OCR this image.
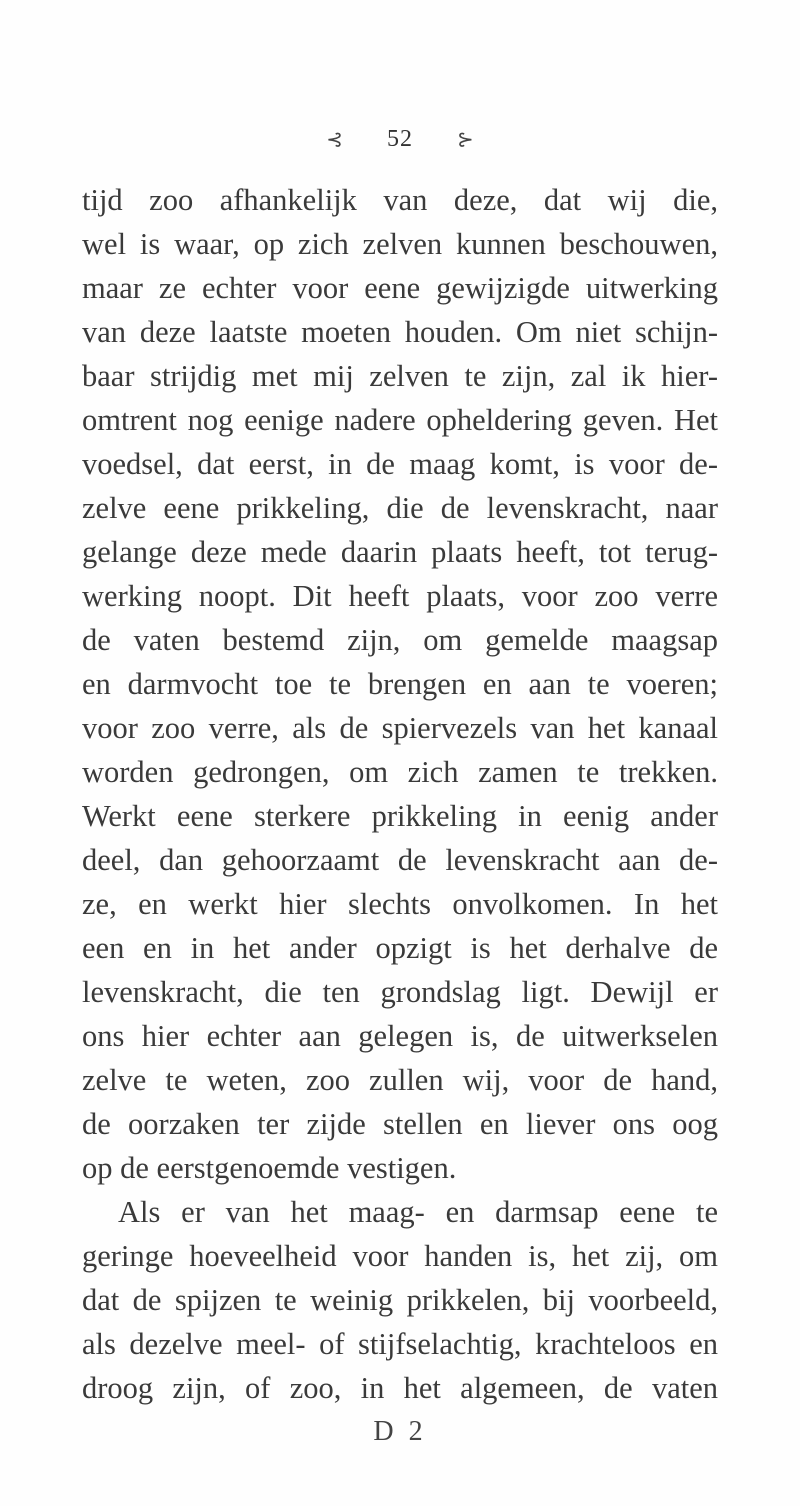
⊰ 52 ⊱
tijd zoo afhankelijk van deze, dat wij die,
wel is waar, op zich zelven kunnen beschouwen,
maar ze echter voor eene gewijzigde uitwerking
van deze laatste moeten houden. Om niet schijn-
baar strijdig met mij zelven te zijn, zal ik hier-
omtrent nog eenige nadere opheldering geven. Het
voedsel, dat eerst, in de maag komt, is voor de-
zelve eene prikkeling, die de levenskracht, naar
gelange deze mede daarin plaats heeft, tot terug-
werking noopt. Dit heeft plaats, voor zoo verre
de vaten bestemd zijn, om gemelde maagsap
en darmvocht toe te brengen en aan te voeren;
voor zoo verre, als de spiervezels van het kanaal
worden gedrongen, om zich zamen te trekken.
Werkt eene sterkere prikkeling in eenig ander
deel, dan gehoorzaamt de levenskracht aan de-
ze, en werkt hier slechts onvolkomen. In het
een en in het ander opzigt is het derhalve de
levenskracht, die ten grondslag ligt. Dewijl er
ons hier echter aan gelegen is, de uitwerkselen
zelve te weten, zoo zullen wij, voor de hand,
de oorzaken ter zijde stellen en liever ons oog
op de eerstgenoemde vestigen.
Als er van het maag- en darmsap eene te
geringe hoeveelheid voor handen is, het zij, om
dat de spijzen te weinig prikkelen, bij voorbeeld,
als dezelve meel- of stijfselachtig, krachteloos en
droog zijn, of zoo, in het algemeen, de vaten
D 2
